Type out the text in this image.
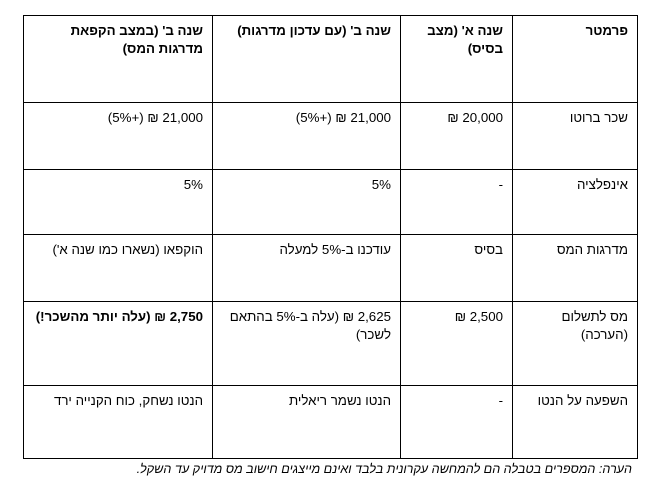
פרמטר	שנה א' (מצב בסיס)	שנה ב' (עם עדכון מדרגות)	שנה ב' (במצב הקפאת מדרגות המס)
שכר ברוטו	20,000 ₪	21,000 ₪ (+5%)	21,000 ₪ (+5%)
אינפלציה	-	5%	5%
מדרגות המס	בסיס	עודכנו ב-5% למעלה	הוקפאו (נשארו כמו שנה א')
מס לתשלום (הערכה)	2,500 ₪	2,625 ₪ (עלה ב-5% בהתאם לשכר)	2,750 ₪ (עלה יותר מהשכר!)
השפעה על הנטו	-	הנטו נשמר ריאלית	הנטו נשחק, כוח הקנייה ירד
הערה: המספרים בטבלה הם להמחשה עקרונית בלבד ואינם מייצגים חישוב מס מדויק עד השקל.
